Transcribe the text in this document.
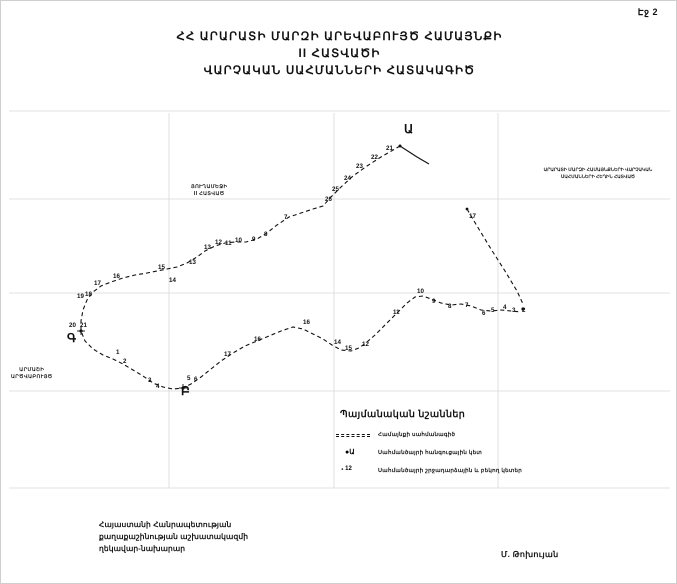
Էջ 2
ՀՀ ԱՐԱՐԱՏԻ ՄԱՐԶԻ ԱՐԵՎԱԲՈՒՅԾ ՀԱՄԱՅՆՔԻ
II ՀԱՏՎԱԾԻ
ՎԱՐՉԱԿԱՆ ՍԱՀՄԱՆՆԵՐԻ ՀԱՏԱԿԱԳԻԾ
ՅՈՒՂԱՄԵՋԻ
II ՀԱՏՎԱԾ
ԱՐՄԱՇԻ
ԱՐԾՎԱԲՈՒՅԾ
ԱՐԱՐԱՏԻ ՄԱՐԶԻ ՀԱՄԱՅՆՔՆԵՐԻ ՎԱՐՉԱԿԱՆ ՍԱՀՄԱՆՆԵՐԻ ՀԵՂԻՆ ՀԱՏՎԱԾ
Ա
Բ
Գ
21
22
23
24
25
26
7
8
9
10
11
12
13
13
15
14
16
17
18
19
20 21
1
2
3
4
5 6
17
16
16
14
15
12
11
10
9
8 7
6 5 4 3 2
17
Պայմանական նշաններ
Համայնքի սահմանագիծ
●Ա	Սահմանծայրի հանգուցային կետ
₁ 12	Սահմանծայրի շրջադարձային և բեկող կետեր
Հայաստանի Հանրապետության
քաղաքաշինության աշխատակազմի
ղեկավար-նախարար
Մ. Թոխույան
